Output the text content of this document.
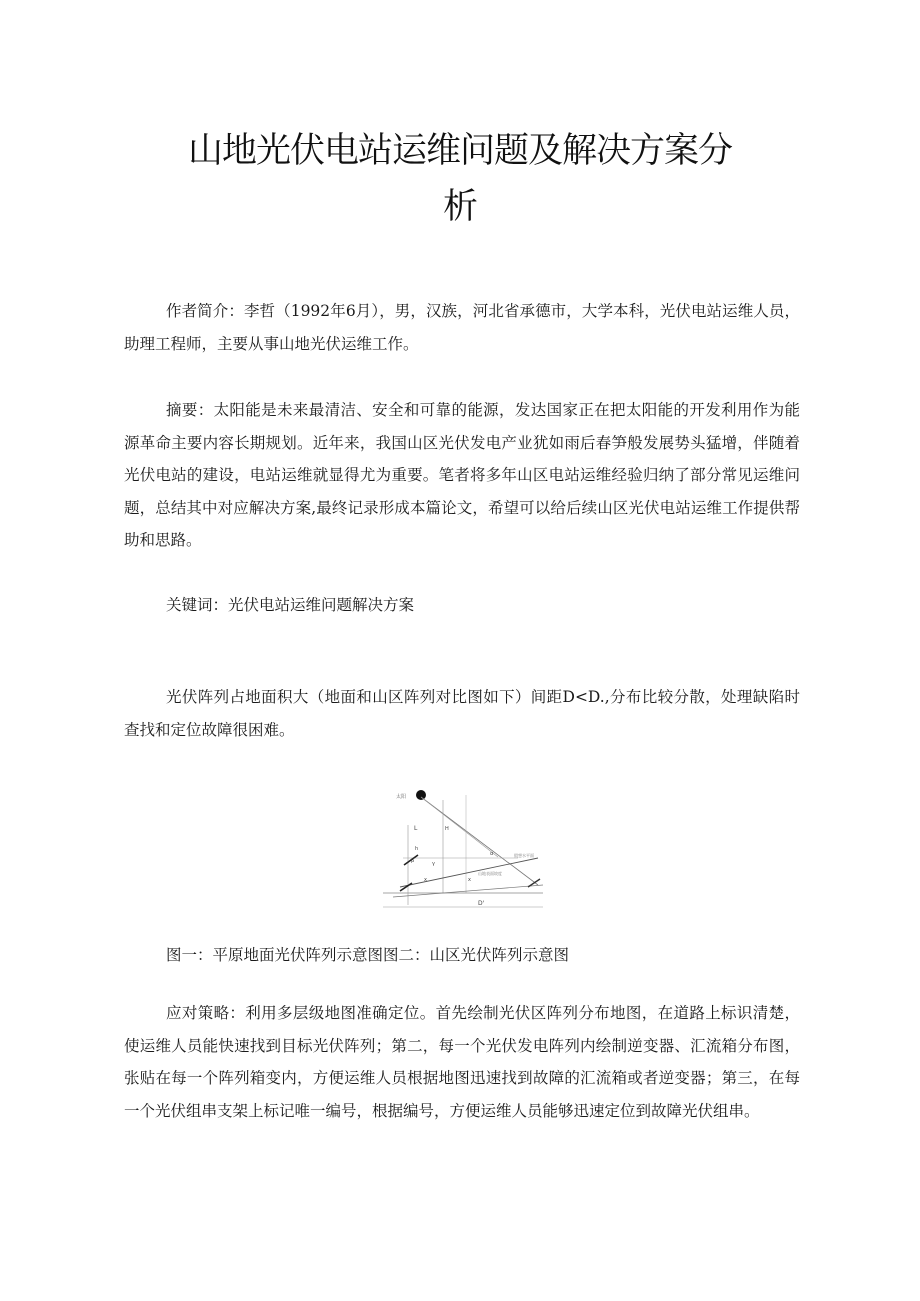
山地光伏电站运维问题及解决方案分
析

作者简介：李哲（1992年6月），男，汉族，河北省承德市，大学本科，光伏电站运维人员，助理工程师，主要从事山地光伏运维工作。

摘要：太阳能是未来最清洁、安全和可靠的能源，发达国家正在把太阳能的开发利用作为能源革命主要内容长期规划。近年来，我国山区光伏发电产业犹如雨后春笋般发展势头猛增，伴随着光伏电站的建设，电站运维就显得尤为重要。笔者将多年山区电站运维经验归纳了部分常见运维问题，总结其中对应解决方案,最终记录形成本篇论文，希望可以给后续山区光伏电站运维工作提供帮助和思路。

关键词：光伏电站运维问题解决方案

光伏阵列占地面积大（地面和山区阵列对比图如下）间距D<D.,分布比较分散，处理缺陷时查找和定位故障很困难。

太阳
L	H
h
α
β	γ
x	x
假想水平面
山地表面坡度
D'

图一：平原地面光伏阵列示意图图二：山区光伏阵列示意图

应对策略：利用多层级地图准确定位。首先绘制光伏区阵列分布地图，在道路上标识清楚，使运维人员能快速找到目标光伏阵列；第二，每一个光伏发电阵列内绘制逆变器、汇流箱分布图，张贴在每一个阵列箱变内，方便运维人员根据地图迅速找到故障的汇流箱或者逆变器；第三，在每一个光伏组串支架上标记唯一编号，根据编号，方便运维人员能够迅速定位到故障光伏组串。
